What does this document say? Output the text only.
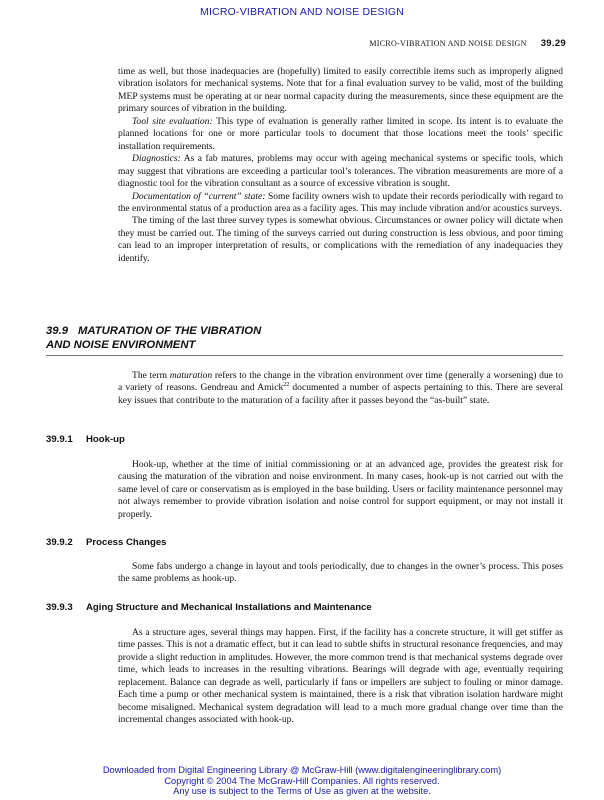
MICRO-VIBRATION AND NOISE DESIGN
MICRO-VIBRATION AND NOISE DESIGN 39.29

time as well, but those inadequacies are (hopefully) limited to easily correctible items such as improperly aligned vibration isolators for mechanical systems. Note that for a final evaluation survey to be valid, most of the building MEP systems must be operating at or near normal capacity during the measurements, since these equipment are the primary sources of vibration in the building.

Tool site evaluation: This type of evaluation is generally rather limited in scope. Its intent is to evaluate the planned locations for one or more particular tools to document that those locations meet the tools’ specific installation requirements.

Diagnostics: As a fab matures, problems may occur with ageing mechanical systems or specific tools, which may suggest that vibrations are exceeding a particular tool’s tolerances. The vibration measurements are more of a diagnostic tool for the vibration consultant as a source of excessive vibration is sought.

Documentation of “current” state: Some facility owners wish to update their records periodically with regard to the environmental status of a production area as a facility ages. This may include vibration and/or acoustics surveys.

The timing of the last three survey types is somewhat obvious. Circumstances or owner policy will dictate when they must be carried out. The timing of the surveys carried out during construction is less obvious, and poor timing can lead to an improper interpretation of results, or complications with the remediation of any inadequacies they identify.

39.9 MATURATION OF THE VIBRATION
AND NOISE ENVIRONMENT

The term maturation refers to the change in the vibration environment over time (generally a worsening) due to a variety of reasons. Gendreau and Amick$^{22}$ documented a number of aspects pertaining to this. There are several key issues that contribute to the maturation of a facility after it passes beyond the “as-built” state.

39.9.1 Hook-up

Hook-up, whether at the time of initial commissioning or at an advanced age, provides the greatest risk for causing the maturation of the vibration and noise environment. In many cases, hook-up is not carried out with the same level of care or conservatism as is employed in the base building. Users or facility maintenance personnel may not always remember to provide vibration isolation and noise control for support equipment, or may not install it properly.

39.9.2 Process Changes

Some fabs undergo a change in layout and tools periodically, due to changes in the owner’s process. This poses the same problems as hook-up.

39.9.3 Aging Structure and Mechanical Installations and Maintenance

As a structure ages, several things may happen. First, if the facility has a concrete structure, it will get stiffer as time passes. This is not a dramatic effect, but it can lead to subtle shifts in structural resonance frequencies, and may provide a slight reduction in amplitudes. However, the more common trend is that mechanical systems degrade over time, which leads to increases in the resulting vibrations. Bearings will degrade with age, eventually requiring replacement. Balance can degrade as well, particularly if fans or impellers are subject to fouling or minor damage. Each time a pump or other mechanical system is maintained, there is a risk that vibration isolation hardware might become misaligned. Mechanical system degradation will lead to a much more gradual change over time than the incremental changes associated with hook-up.

Downloaded from Digital Engineering Library @ McGraw-Hill (www.digitalengineeringlibrary.com)
Copyright © 2004 The McGraw-Hill Companies. All rights reserved.
Any use is subject to the Terms of Use as given at the website.
